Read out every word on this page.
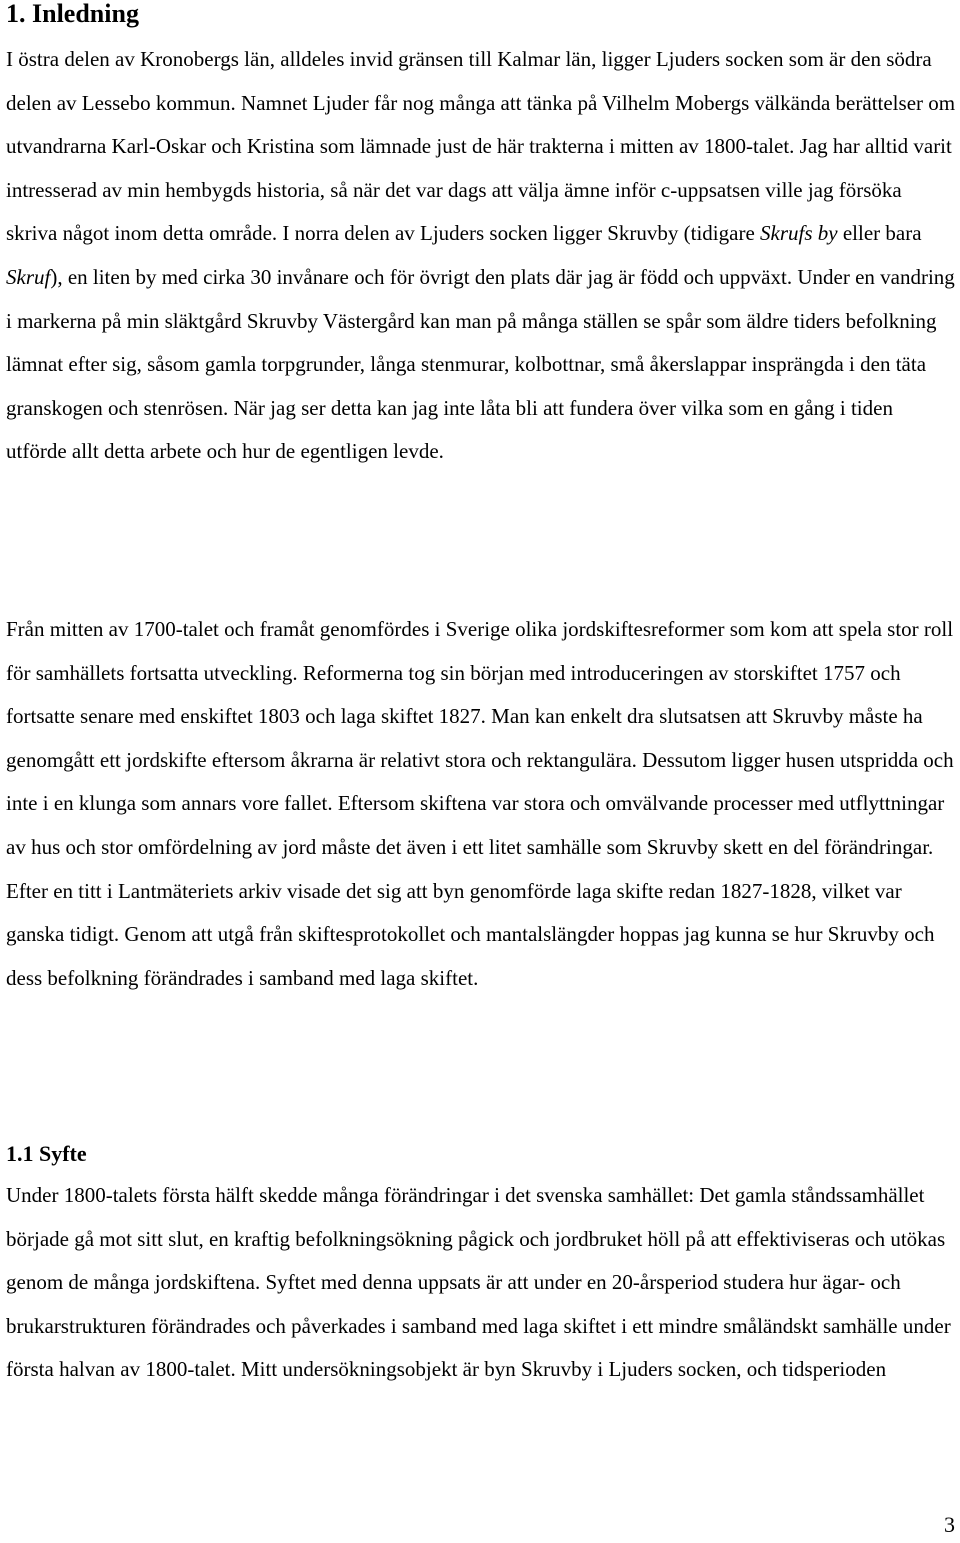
1. Inledning

I östra delen av Kronobergs län, alldeles invid gränsen till Kalmar län, ligger Ljuders socken som är den södra delen av Lessebo kommun. Namnet Ljuder får nog många att tänka på Vilhelm Mobergs välkända berättelser om utvandrarna Karl-Oskar och Kristina som lämnade just de här trakterna i mitten av 1800-talet. Jag har alltid varit intresserad av min hembygds historia, så när det var dags att välja ämne inför c-uppsatsen ville jag försöka skriva något inom detta område. I norra delen av Ljuders socken ligger Skruvby (tidigare Skrufs by eller bara Skruf), en liten by med cirka 30 invånare och för övrigt den plats där jag är född och uppväxt. Under en vandring i markerna på min släktgård Skruvby Västergård kan man på många ställen se spår som äldre tiders befolkning lämnat efter sig, såsom gamla torpgrunder, långa stenmurar, kolbottnar, små åkerslappar insprängda i den täta granskogen och stenrösen. När jag ser detta kan jag inte låta bli att fundera över vilka som en gång i tiden utförde allt detta arbete och hur de egentligen levde.

Från mitten av 1700-talet och framåt genomfördes i Sverige olika jordskiftesreformer som kom att spela stor roll för samhällets fortsatta utveckling. Reformerna tog sin början med introduceringen av storskiftet 1757 och fortsatte senare med enskiftet 1803 och laga skiftet 1827. Man kan enkelt dra slutsatsen att Skruvby måste ha genomgått ett jordskifte eftersom åkrarna är relativt stora och rektangulära. Dessutom ligger husen utspridda och inte i en klunga som annars vore fallet. Eftersom skiftena var stora och omvälvande processer med utflyttningar av hus och stor omfördelning av jord måste det även i ett litet samhälle som Skruvby skett en del förändringar. Efter en titt i Lantmäteriets arkiv visade det sig att byn genomförde laga skifte redan 1827-1828, vilket var ganska tidigt. Genom att utgå från skiftesprotokollet och mantalslängder hoppas jag kunna se hur Skruvby och dess befolkning förändrades i samband med laga skiftet.

1.1 Syfte

Under 1800-talets första hälft skedde många förändringar i det svenska samhället: Det gamla ståndssamhället började gå mot sitt slut, en kraftig befolkningsökning pågick och jordbruket höll på att effektiviseras och utökas genom de många jordskiftena. Syftet med denna uppsats är att under en 20-årsperiod studera hur ägar- och brukarstrukturen förändrades och påverkades i samband med laga skiftet i ett mindre småländskt samhälle under första halvan av 1800-talet. Mitt undersökningsobjekt är byn Skruvby i Ljuders socken, och tidsperioden

3
